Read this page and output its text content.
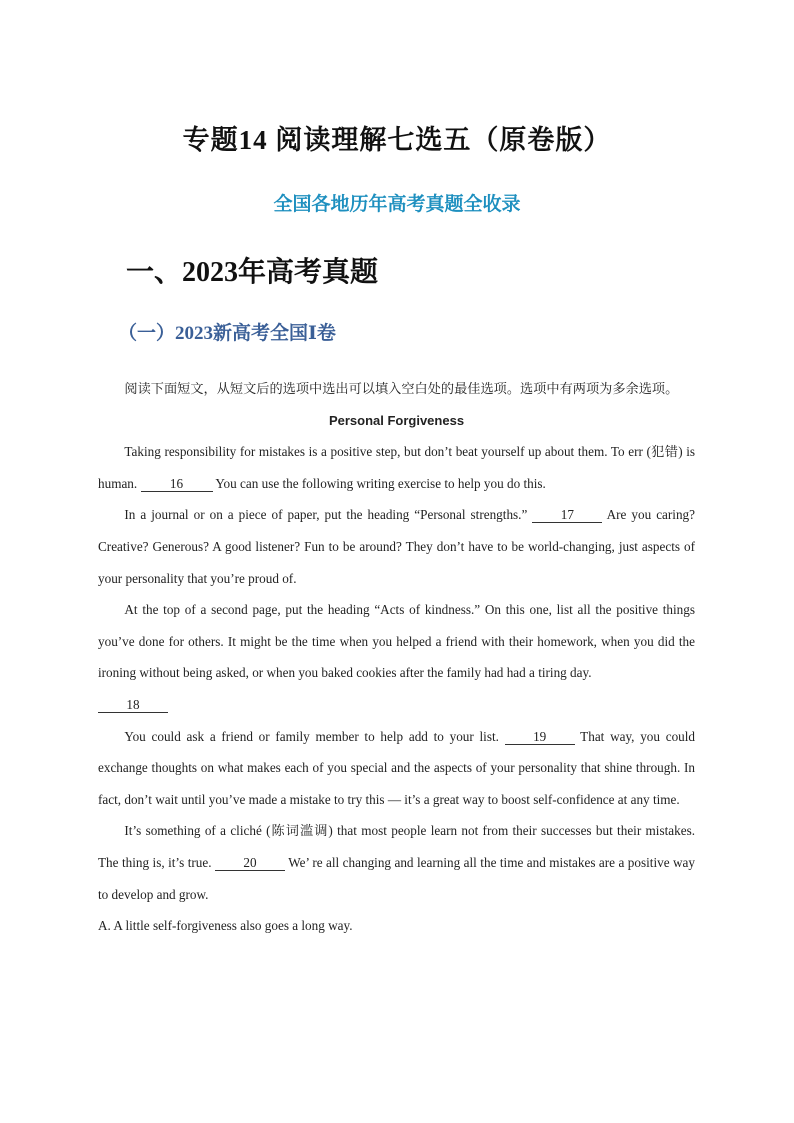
专题14 阅读理解七选五（原卷版）
全国各地历年高考真题全收录
一、2023年高考真题
（一）2023新高考全国Ⅰ卷

阅读下面短文，从短文后的选项中选出可以填入空白处的最佳选项。选项中有两项为多余选项。

Personal Forgiveness

Taking responsibility for mistakes is a positive step, but don’t beat yourself up about them. To err (犯错) is human. 16 You can use the following writing exercise to help you do this.

In a journal or on a piece of paper, put the heading “Personal strengths.”	17 Are you caring? Creative? Generous? A good listener? Fun to be around? They don’t have to be world-changing, just aspects of your personality that you’re proud of.

At the top of a second page, put the heading “Acts of kindness.” On this one, list all the positive things you’ve done for others. It might be the time when you helped a friend with their homework, when you did the ironing without being asked, or when you baked cookies after the family had had a tiring day.

18

You could ask a friend or family member to help add to your list.	19	That way, you could exchange thoughts on what makes each of you special and the aspects of your personality that shine through. In fact, don’t wait until you’ve made a mistake to try this — it’s a great way to boost self-confidence at any time.

It’s something of a cliché (陈词滥调) that most people learn not from their successes but their mistakes. The thing is, it’s true. 20 We’ re all changing and learning all the time and mistakes are a positive way to develop and grow.

A. A little self-forgiveness also goes a long way.
